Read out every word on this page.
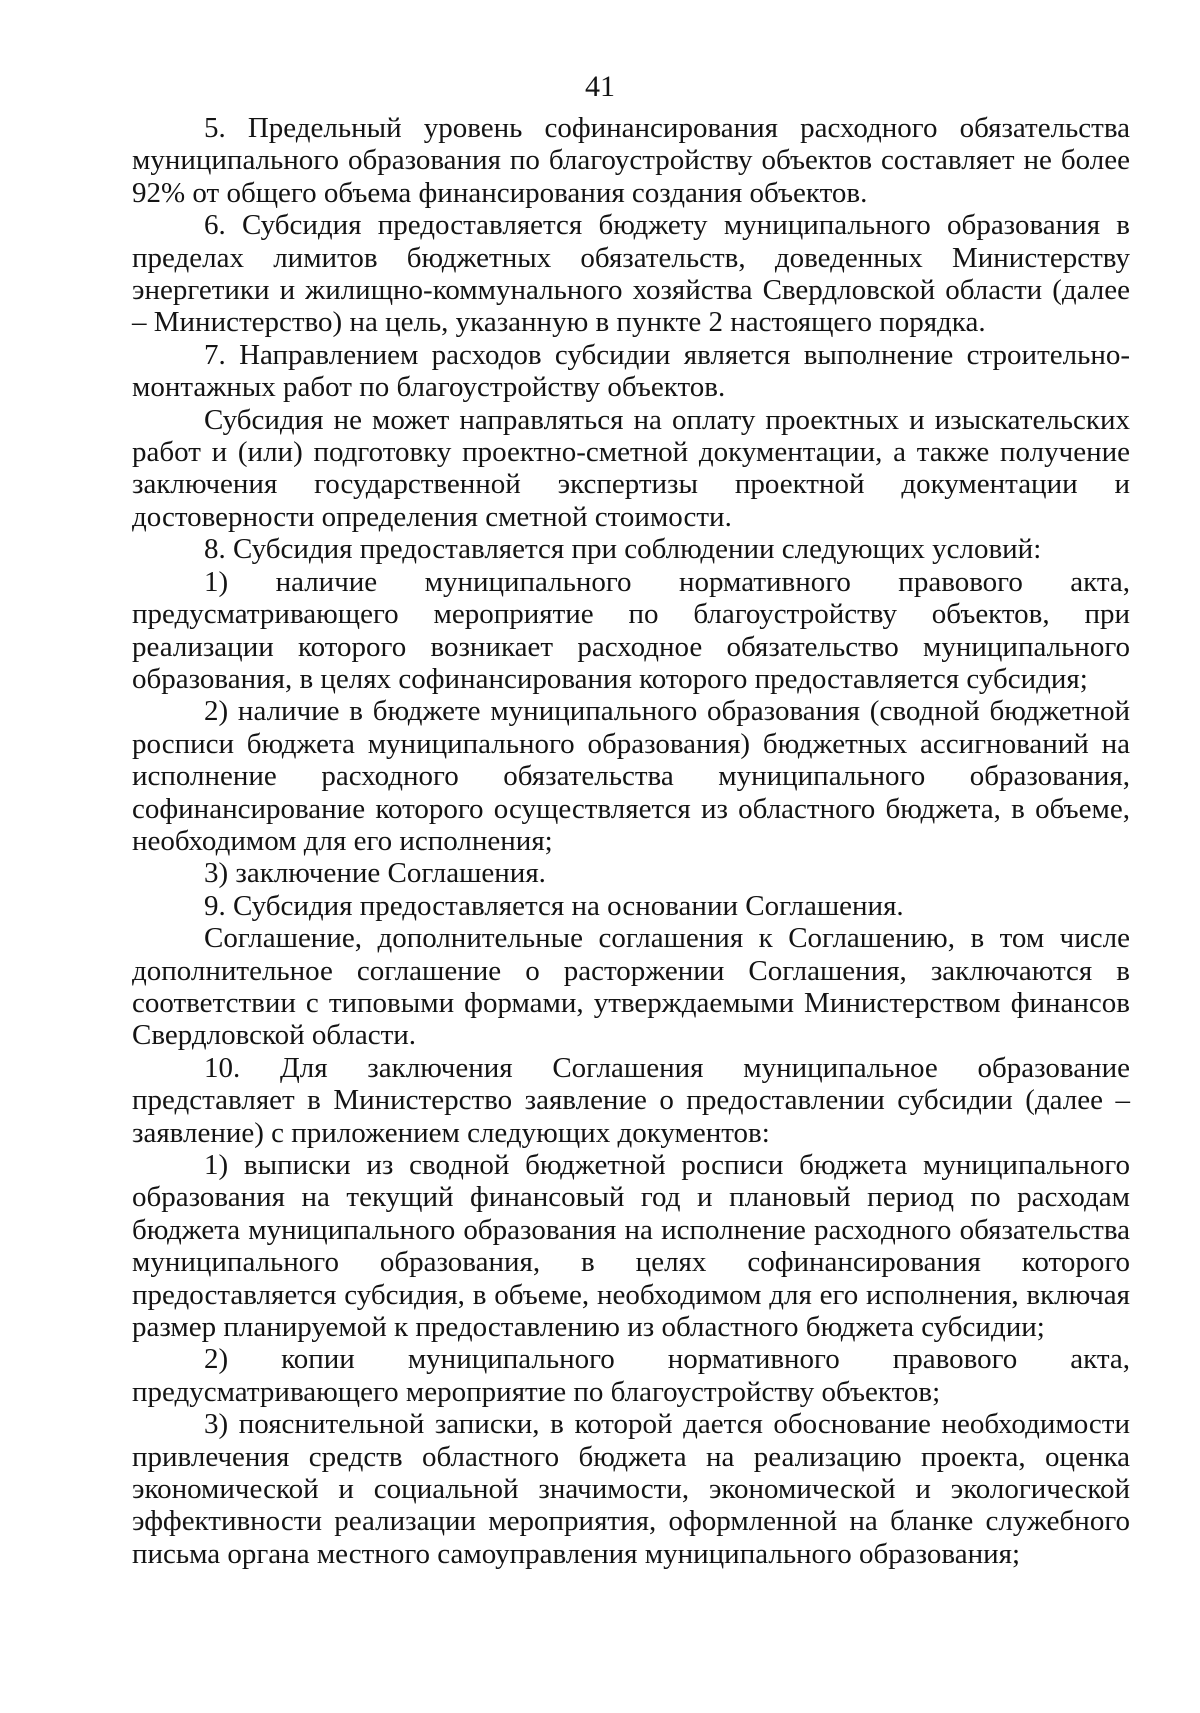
41

5. Предельный уровень софинансирования расходного обязательства муниципального образования по благоустройству объектов составляет не более 92% от общего объема финансирования создания объектов.

6. Субсидия предоставляется бюджету муниципального образования в пределах лимитов бюджетных обязательств, доведенных Министерству энергетики и жилищно-коммунального хозяйства Свердловской области (далее – Министерство) на цель, указанную в пункте 2 настоящего порядка.

7. Направлением расходов субсидии является выполнение строительно-монтажных работ по благоустройству объектов.

Субсидия не может направляться на оплату проектных и изыскательских работ и (или) подготовку проектно-сметной документации, а также получение заключения государственной экспертизы проектной документации и достоверности определения сметной стоимости.

8. Субсидия предоставляется при соблюдении следующих условий:

1) наличие муниципального нормативного правового акта, предусматривающего мероприятие по благоустройству объектов, при реализации которого возникает расходное обязательство муниципального образования, в целях софинансирования которого предоставляется субсидия;

2) наличие в бюджете муниципального образования (сводной бюджетной росписи бюджета муниципального образования) бюджетных ассигнований на исполнение расходного обязательства муниципального образования, софинансирование которого осуществляется из областного бюджета, в объеме, необходимом для его исполнения;

3) заключение Соглашения.

9. Субсидия предоставляется на основании Соглашения.

Соглашение, дополнительные соглашения к Соглашению, в том числе дополнительное соглашение о расторжении Соглашения, заключаются в соответствии с типовыми формами, утверждаемыми Министерством финансов Свердловской области.

10. Для заключения Соглашения муниципальное образование представляет в Министерство заявление о предоставлении субсидии (далее – заявление) с приложением следующих документов:

1) выписки из сводной бюджетной росписи бюджета муниципального образования на текущий финансовый год и плановый период по расходам бюджета муниципального образования на исполнение расходного обязательства муниципального образования, в целях софинансирования которого предоставляется субсидия, в объеме, необходимом для его исполнения, включая размер планируемой к предоставлению из областного бюджета субсидии;

2) копии муниципального нормативного правового акта, предусматривающего мероприятие по благоустройству объектов;

3) пояснительной записки, в которой дается обоснование необходимости привлечения средств областного бюджета на реализацию проекта, оценка экономической и социальной значимости, экономической и экологической эффективности реализации мероприятия, оформленной на бланке служебного письма органа местного самоуправления муниципального образования;
